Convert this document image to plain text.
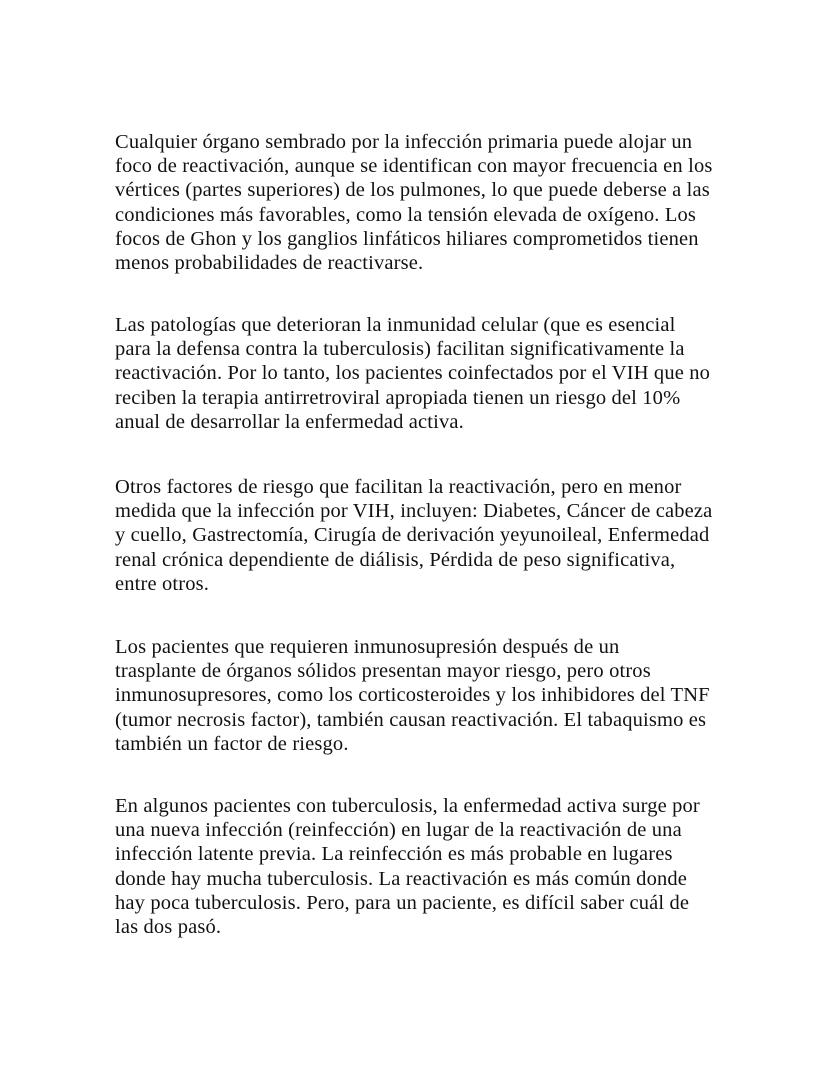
Cualquier órgano sembrado por la infección primaria puede alojar un
foco de reactivación, aunque se identifican con mayor frecuencia en los
vértices (partes superiores) de los pulmones, lo que puede deberse a las
condiciones más favorables, como la tensión elevada de oxígeno. Los
focos de Ghon y los ganglios linfáticos hiliares comprometidos tienen
menos probabilidades de reactivarse.

Las patologías que deterioran la inmunidad celular (que es esencial
para la defensa contra la tuberculosis) facilitan significativamente la
reactivación. Por lo tanto, los pacientes coinfectados por el VIH que no
reciben la terapia antirretroviral apropiada tienen un riesgo del 10%
anual de desarrollar la enfermedad activa.

Otros factores de riesgo que facilitan la reactivación, pero en menor
medida que la infección por VIH, incluyen: Diabetes, Cáncer de cabeza
y cuello, Gastrectomía, Cirugía de derivación yeyunoileal, Enfermedad
renal crónica dependiente de diálisis, Pérdida de peso significativa,
entre otros.

Los pacientes que requieren inmunosupresión después de un
trasplante de órganos sólidos presentan mayor riesgo, pero otros
inmunosupresores, como los corticosteroides y los inhibidores del TNF
(tumor necrosis factor), también causan reactivación. El tabaquismo es
también un factor de riesgo.

En algunos pacientes con tuberculosis, la enfermedad activa surge por
una nueva infección (reinfección) en lugar de la reactivación de una
infección latente previa. La reinfección es más probable en lugares
donde hay mucha tuberculosis. La reactivación es más común donde
hay poca tuberculosis. Pero, para un paciente, es difícil saber cuál de
las dos pasó.
